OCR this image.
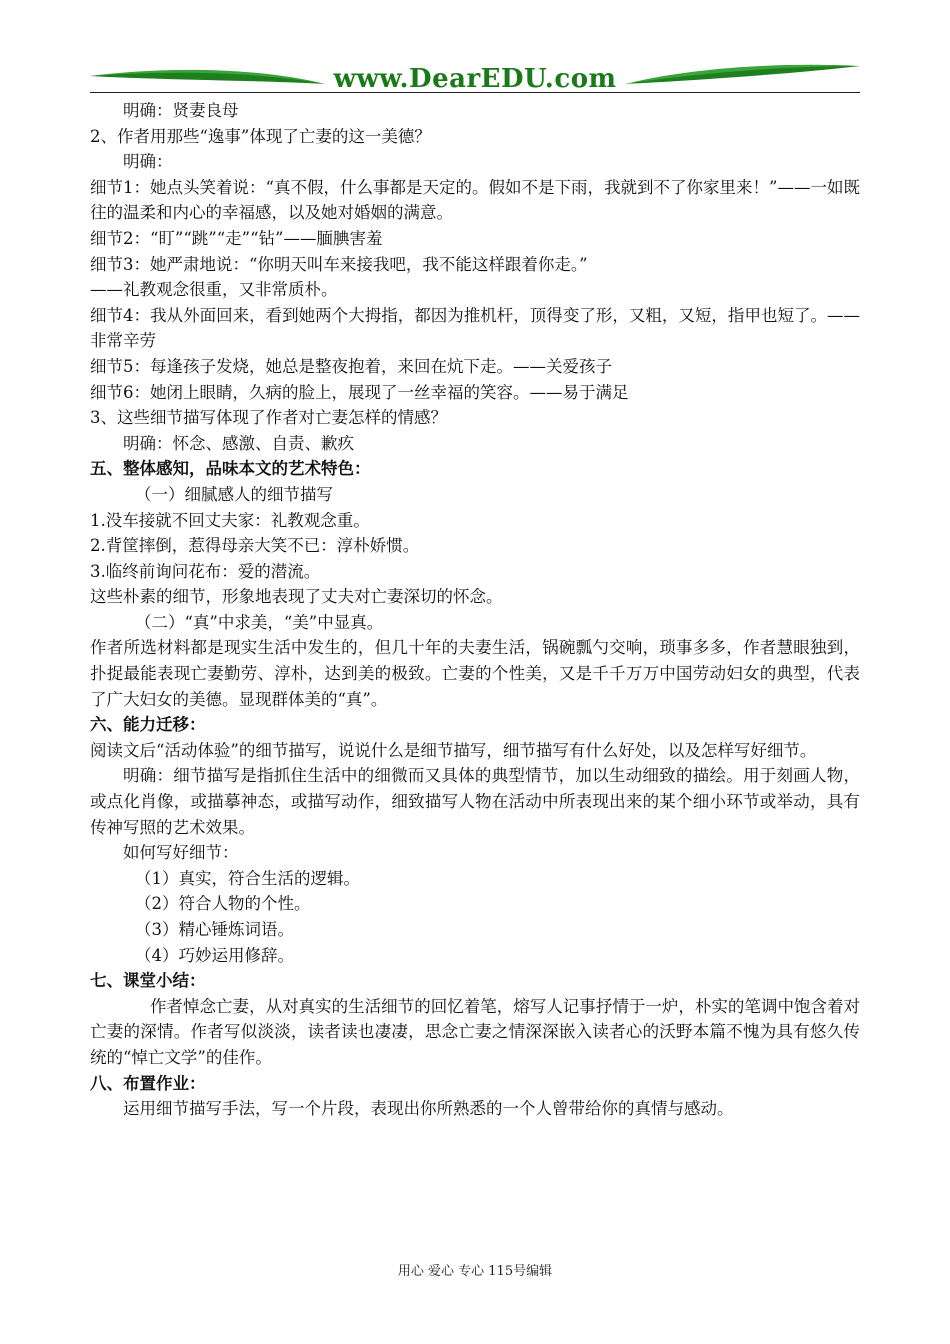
www.DearEDU.com

明确：贤妻良母

2、作者用那些“逸事”体现了亡妻的这一美德？

明确：

细节1：她点头笑着说：“真不假，什么事都是天定的。假如不是下雨，我就到不了你家里来！”——一如既往的温柔和内心的幸福感，以及她对婚姻的满意。

细节2：“盯”“跳”“走”“钻”——腼腆害羞

细节3：她严肃地说：“你明天叫车来接我吧，我不能这样跟着你走。”

——礼教观念很重，又非常质朴。

细节4：我从外面回来，看到她两个大拇指，都因为推机杆，顶得变了形，又粗，又短，指甲也短了。——非常辛劳

细节5：每逢孩子发烧，她总是整夜抱着，来回在炕下走。——关爱孩子

细节6：她闭上眼睛，久病的脸上，展现了一丝幸福的笑容。——易于满足

3、这些细节描写体现了作者对亡妻怎样的情感？

明确：怀念、感激、自责、歉疚

五、整体感知，品味本文的艺术特色：

（一）细腻感人的细节描写

1.没车接就不回丈夫家：礼教观念重。

2.背筐摔倒，惹得母亲大笑不已：淳朴娇惯。

3.临终前询问花布：爱的潜流。

这些朴素的细节，形象地表现了丈夫对亡妻深切的怀念。

（二）“真”中求美，“美”中显真。

作者所选材料都是现实生活中发生的，但几十年的夫妻生活，锅碗瓢勺交响，琐事多多，作者慧眼独到，扑捉最能表现亡妻勤劳、淳朴，达到美的极致。亡妻的个性美，又是千千万万中国劳动妇女的典型，代表了广大妇女的美德。显现群体美的“真”。

六、能力迁移：

阅读文后“活动体验”的细节描写，说说什么是细节描写，细节描写有什么好处，以及怎样写好细节。

明确：细节描写是指抓住生活中的细微而又具体的典型情节，加以生动细致的描绘。用于刻画人物，或点化肖像，或描摹神态，或描写动作，细致描写人物在活动中所表现出来的某个细小环节或举动，具有传神写照的艺术效果。

如何写好细节：

（1）真实，符合生活的逻辑。

（2）符合人物的个性。

（3）精心锤炼词语。

（4）巧妙运用修辞。

七、课堂小结：

作者悼念亡妻，从对真实的生活细节的回忆着笔，熔写人记事抒情于一炉，朴实的笔调中饱含着对亡妻的深情。作者写似淡淡，读者读也凄凄，思念亡妻之情深深嵌入读者心的沃野本篇不愧为具有悠久传统的“悼亡文学”的佳作。

八、布置作业：

运用细节描写手法，写一个片段，表现出你所熟悉的一个人曾带给你的真情与感动。

用心 爱心 专心 115号编辑
